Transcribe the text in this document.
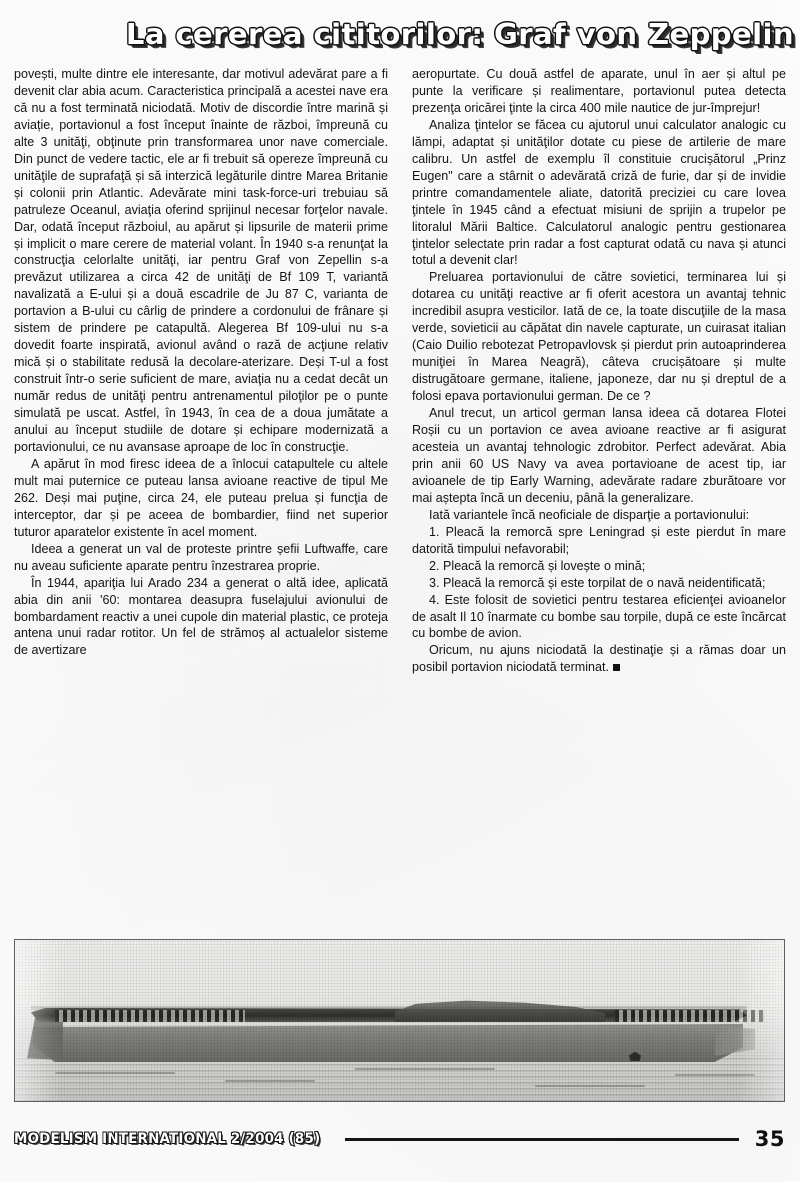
La cererea cititorilor: Graf von Zeppelin

povești, multe dintre ele interesante, dar motivul adevărat pare a fi devenit clar abia acum. Caracteristica principală a acestei nave era că nu a fost terminată niciodată. Motiv de discordie între marină și aviație, portavionul a fost început înainte de război, împreună cu alte 3 unităţi, obţinute prin transformarea unor nave comerciale. Din punct de vedere tactic, ele ar fi trebuit să opereze împreună cu unităţile de suprafaţă și să interzică legăturile dintre Marea Britanie și colonii prin Atlantic. Adevărate mini task-force-uri trebuiau să patruleze Oceanul, aviaţia oferind sprijinul necesar forţelor navale. Dar, odată început războiul, au apărut și lipsurile de materii prime și implicit o mare cerere de material volant. În 1940 s-a renunţat la construcţia celorlalte unităţi, iar pentru Graf von Zepellin s-a prevăzut utilizarea a circa 42 de unităţi de Bf 109 T, variantă navalizată a E-ului și a două escadrile de Ju 87 C, varianta de portavion a B-ului cu cârlig de prindere a cordonului de frânare și sistem de prindere pe catapultă. Alegerea Bf 109-ului nu s-a dovedit foarte inspirată, avionul având o rază de acţiune relativ mică și o stabilitate redusă la decolare-aterizare. Deși T-ul a fost construit într-o serie suficient de mare, aviaţia nu a cedat decât un număr redus de unităţi pentru antrenamentul piloţilor pe o punte simulată pe uscat. Astfel, în 1943, în cea de a doua jumătate a anului au început studiile de dotare și echipare modernizată a portavionului, ce nu avansase aproape de loc în construcţie.

A apărut în mod firesc ideea de a înlocui catapultele cu altele mult mai puternice ce puteau lansa avioane reactive de tipul Me 262. Deși mai puţine, circa 24, ele puteau prelua și funcţia de interceptor, dar și pe aceea de bombardier, fiind net superior tuturor aparatelor existente în acel moment.

Ideea a generat un val de proteste printre șefii Luftwaffe, care nu aveau suficiente aparate pentru înzestrarea proprie.

În 1944, apariţia lui Arado 234 a generat o altă idee, aplicată abia din anii '60: montarea deasupra fuselajului avionului de bombardament reactiv a unei cupole din material plastic, ce proteja antena unui radar rotitor. Un fel de strămoș al actualelor sisteme de avertizare

aeropurtate. Cu două astfel de aparate, unul în aer și altul pe punte la verificare și realimentare, portavionul putea detecta prezenţa oricărei ţinte la circa 400 mile nautice de jur-împrejur!

Analiza ţintelor se făcea cu ajutorul unui calculator analogic cu lămpi, adaptat și unităţilor dotate cu piese de artilerie de mare calibru. Un astfel de exemplu îl constituie crucișătorul „Prinz Eugen" care a stârnit o adevărată criză de furie, dar și de invidie printre comandamentele aliate, datorită preciziei cu care lovea ţintele în 1945 când a efectuat misiuni de sprijin a trupelor pe litoralul Mării Baltice. Calculatorul analogic pentru gestionarea ţintelor selectate prin radar a fost capturat odată cu nava și atunci totul a devenit clar!

Preluarea portavionului de către sovietici, terminarea lui și dotarea cu unităţi reactive ar fi oferit acestora un avantaj tehnic incredibil asupra vesticilor. Iată de ce, la toate discuţiile de la masa verde, sovieticii au căpătat din navele capturate, un cuirasat italian (Caio Duilio rebotezat Petropavlovsk și pierdut prin autoaprinderea muniţiei în Marea Neagră), câteva crucișătoare și multe distrugătoare germane, italiene, japoneze, dar nu și dreptul de a folosi epava portavionului german. De ce ?

Anul trecut, un articol german lansa ideea că dotarea Flotei Roșii cu un portavion ce avea avioane reactive ar fi asigurat acesteia un avantaj tehnologic zdrobitor. Perfect adevărat. Abia prin anii 60 US Navy va avea portavioane de acest tip, iar avioanele de tip Early Warning, adevărate radare zburătoare vor mai aștepta încă un deceniu, până la generalizare.

Iată variantele încă neoficiale de disparţie a portavionului:

1. Pleacă la remorcă spre Leningrad și este pierdut în mare datorită timpului nefavorabil;

2. Pleacă la remorcă și lovește o mină;

3. Pleacă la remorcă și este torpilat de o navă neidentificată;

4. Este folosit de sovietici pentru testarea eficienţei avioanelor de asalt Il 10 înarmate cu bombe sau torpile, după ce este încărcat cu bombe de avion.

Oricum, nu ajuns niciodată la destinaţie și a rămas doar un posibil portavion niciodată terminat.

MODELISM INTERNATIONAL 2/2004 (85)	35
